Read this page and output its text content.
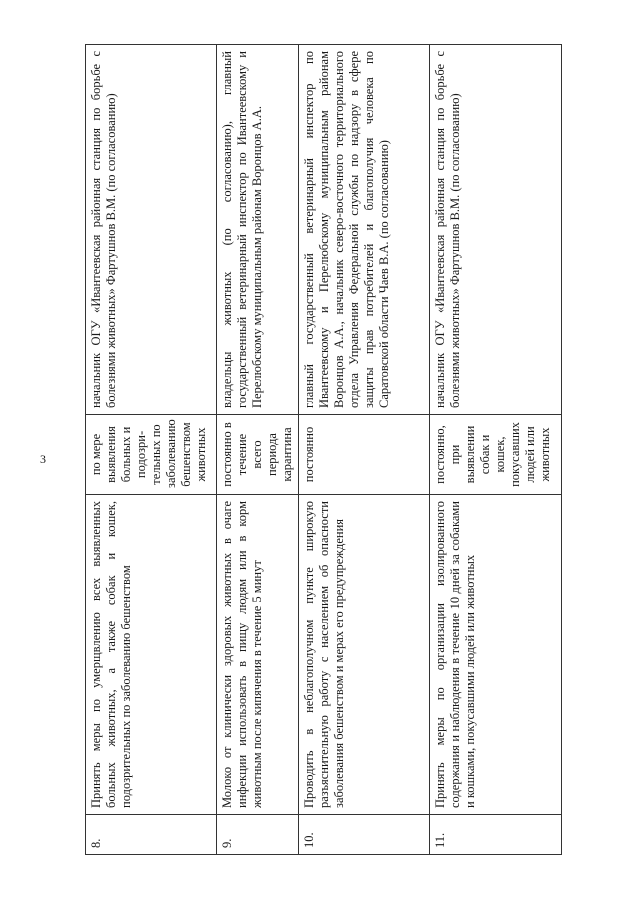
3
8.	Принять меры по умерщвлению всех выявленных больных животных, а также собак и кошек, подозрительных по заболеванию бешенством	по мере выявления больных и подозри-тельных по заболеванию бешенством животных	начальник ОГУ «Ивантеевская районная станция по борьбе с болезнями животных» Фартушнов В.М. (по согласованию)
9.	Молоко от клинически здоровых животных в очаге инфекции использовать в пищу людям или в корм животным после кипячения в течение 5 минут	постоянно в течение всего периода карантина	владельцы животных (по согласованию), главный государственный ветеринарный инспектор по Ивантеевскому и Перелюбскому муниципальным районам Воронцов А.А.
10.	Проводить в неблагополучном пункте широкую разъяснительную работу с населением об опасности заболевания бешенством и мерах его предупреждения	постоянно	главный государственный ветеринарный инспектор по Ивантеевскому и Перелюбскому муниципальным районам Воронцов А.А., начальник северо-восточного территориального отдела Управления Федеральной службы по надзору в сфере защиты прав потребителей и благополучия человека по Саратовской области Чаев В.А. (по согласованию)
11.	Принять меры по организации изолированного содержания и наблюдения в течение 10 дней за собаками и кошками, покусавшими людей или животных	постоянно, при выявлении собак и кошек, покусавших людей или животных	начальник ОГУ «Ивантеевская районная станция по борьбе с болезнями животных» Фартушнов В.М. (по согласованию)
